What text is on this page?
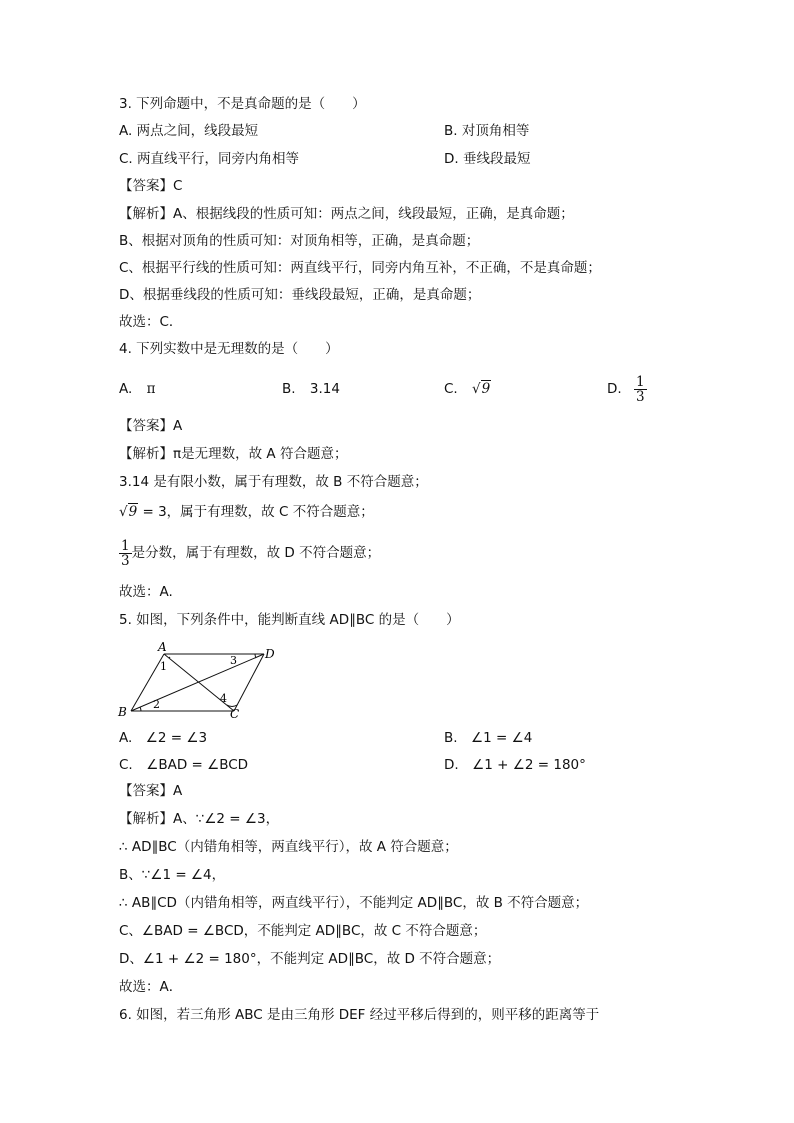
3. 下列命题中，不是真命题的是（　　）
A. 两点之间，线段最短	B. 对顶角相等
C. 两直线平行，同旁内角相等	D. 垂线段最短
【答案】C
【解析】A、根据线段的性质可知：两点之间，线段最短，正确，是真命题；
B、根据对顶角的性质可知：对顶角相等，正确，是真命题；
C、根据平行线的性质可知：两直线平行，同旁内角互补，不正确，不是真命题；
D、根据垂线段的性质可知：垂线段最短，正确，是真命题；
故选：C．
4. 下列实数中是无理数的是（　　）
A. π	B. 3.14	C. √9	D. $\frac{1}{3}$
【答案】A
【解析】π是无理数，故 A 符合题意；
3.14 是有限小数，属于有理数，故 B 不符合题意；
√9 = 3，属于有理数，故 C 不符合题意；
$\frac{1}{3}$ 是分数，属于有理数，故 D 不符合题意；
故选：A.
5. 如图，下列条件中，能判断直线 AD∥BC 的是（　　）
A
B	C
D
1
2
3
4
A.　∠2 = ∠3	B.　∠1 = ∠4
C.　∠BAD = ∠BCD	D.　∠1 + ∠2 = 180°
【答案】A
【解析】A、∵∠2 = ∠3，
∴ AD∥BC（内错角相等，两直线平行），故 A 符合题意；
B、∵∠1 = ∠4，
∴ AB∥CD（内错角相等，两直线平行），不能判定 AD∥BC，故 B 不符合题意；
C、∠BAD = ∠BCD，不能判定 AD∥BC，故 C 不符合题意；
D、∠1 + ∠2 = 180°，不能判定 AD∥BC，故 D 不符合题意；
故选：A．
6. 如图，若三角形 ABC 是由三角形 DEF 经过平移后得到的，则平移的距离等于
